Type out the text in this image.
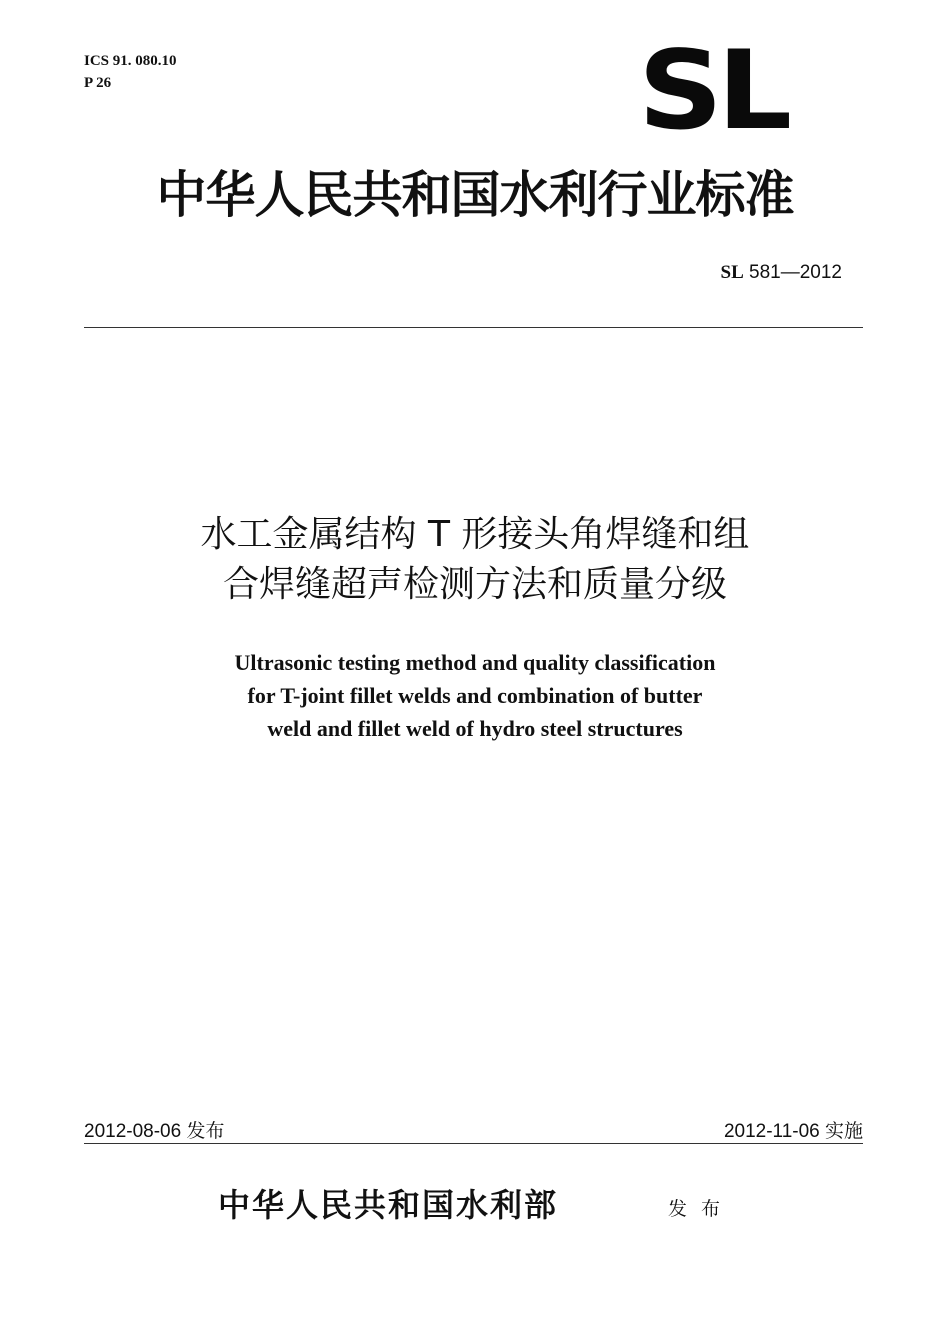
ICS 91. 080.10
P 26	SL
中华人民共和国水利行业标准
SL 581—2012
水工金属结构 T 形接头角焊缝和组
合焊缝超声检测方法和质量分级
Ultrasonic testing method and quality classification
for T-joint fillet welds and combination of butter
weld and fillet weld of hydro steel structures
2012-08-06 发布	2012-11-06 实施
中华人民共和国水利部	发布
